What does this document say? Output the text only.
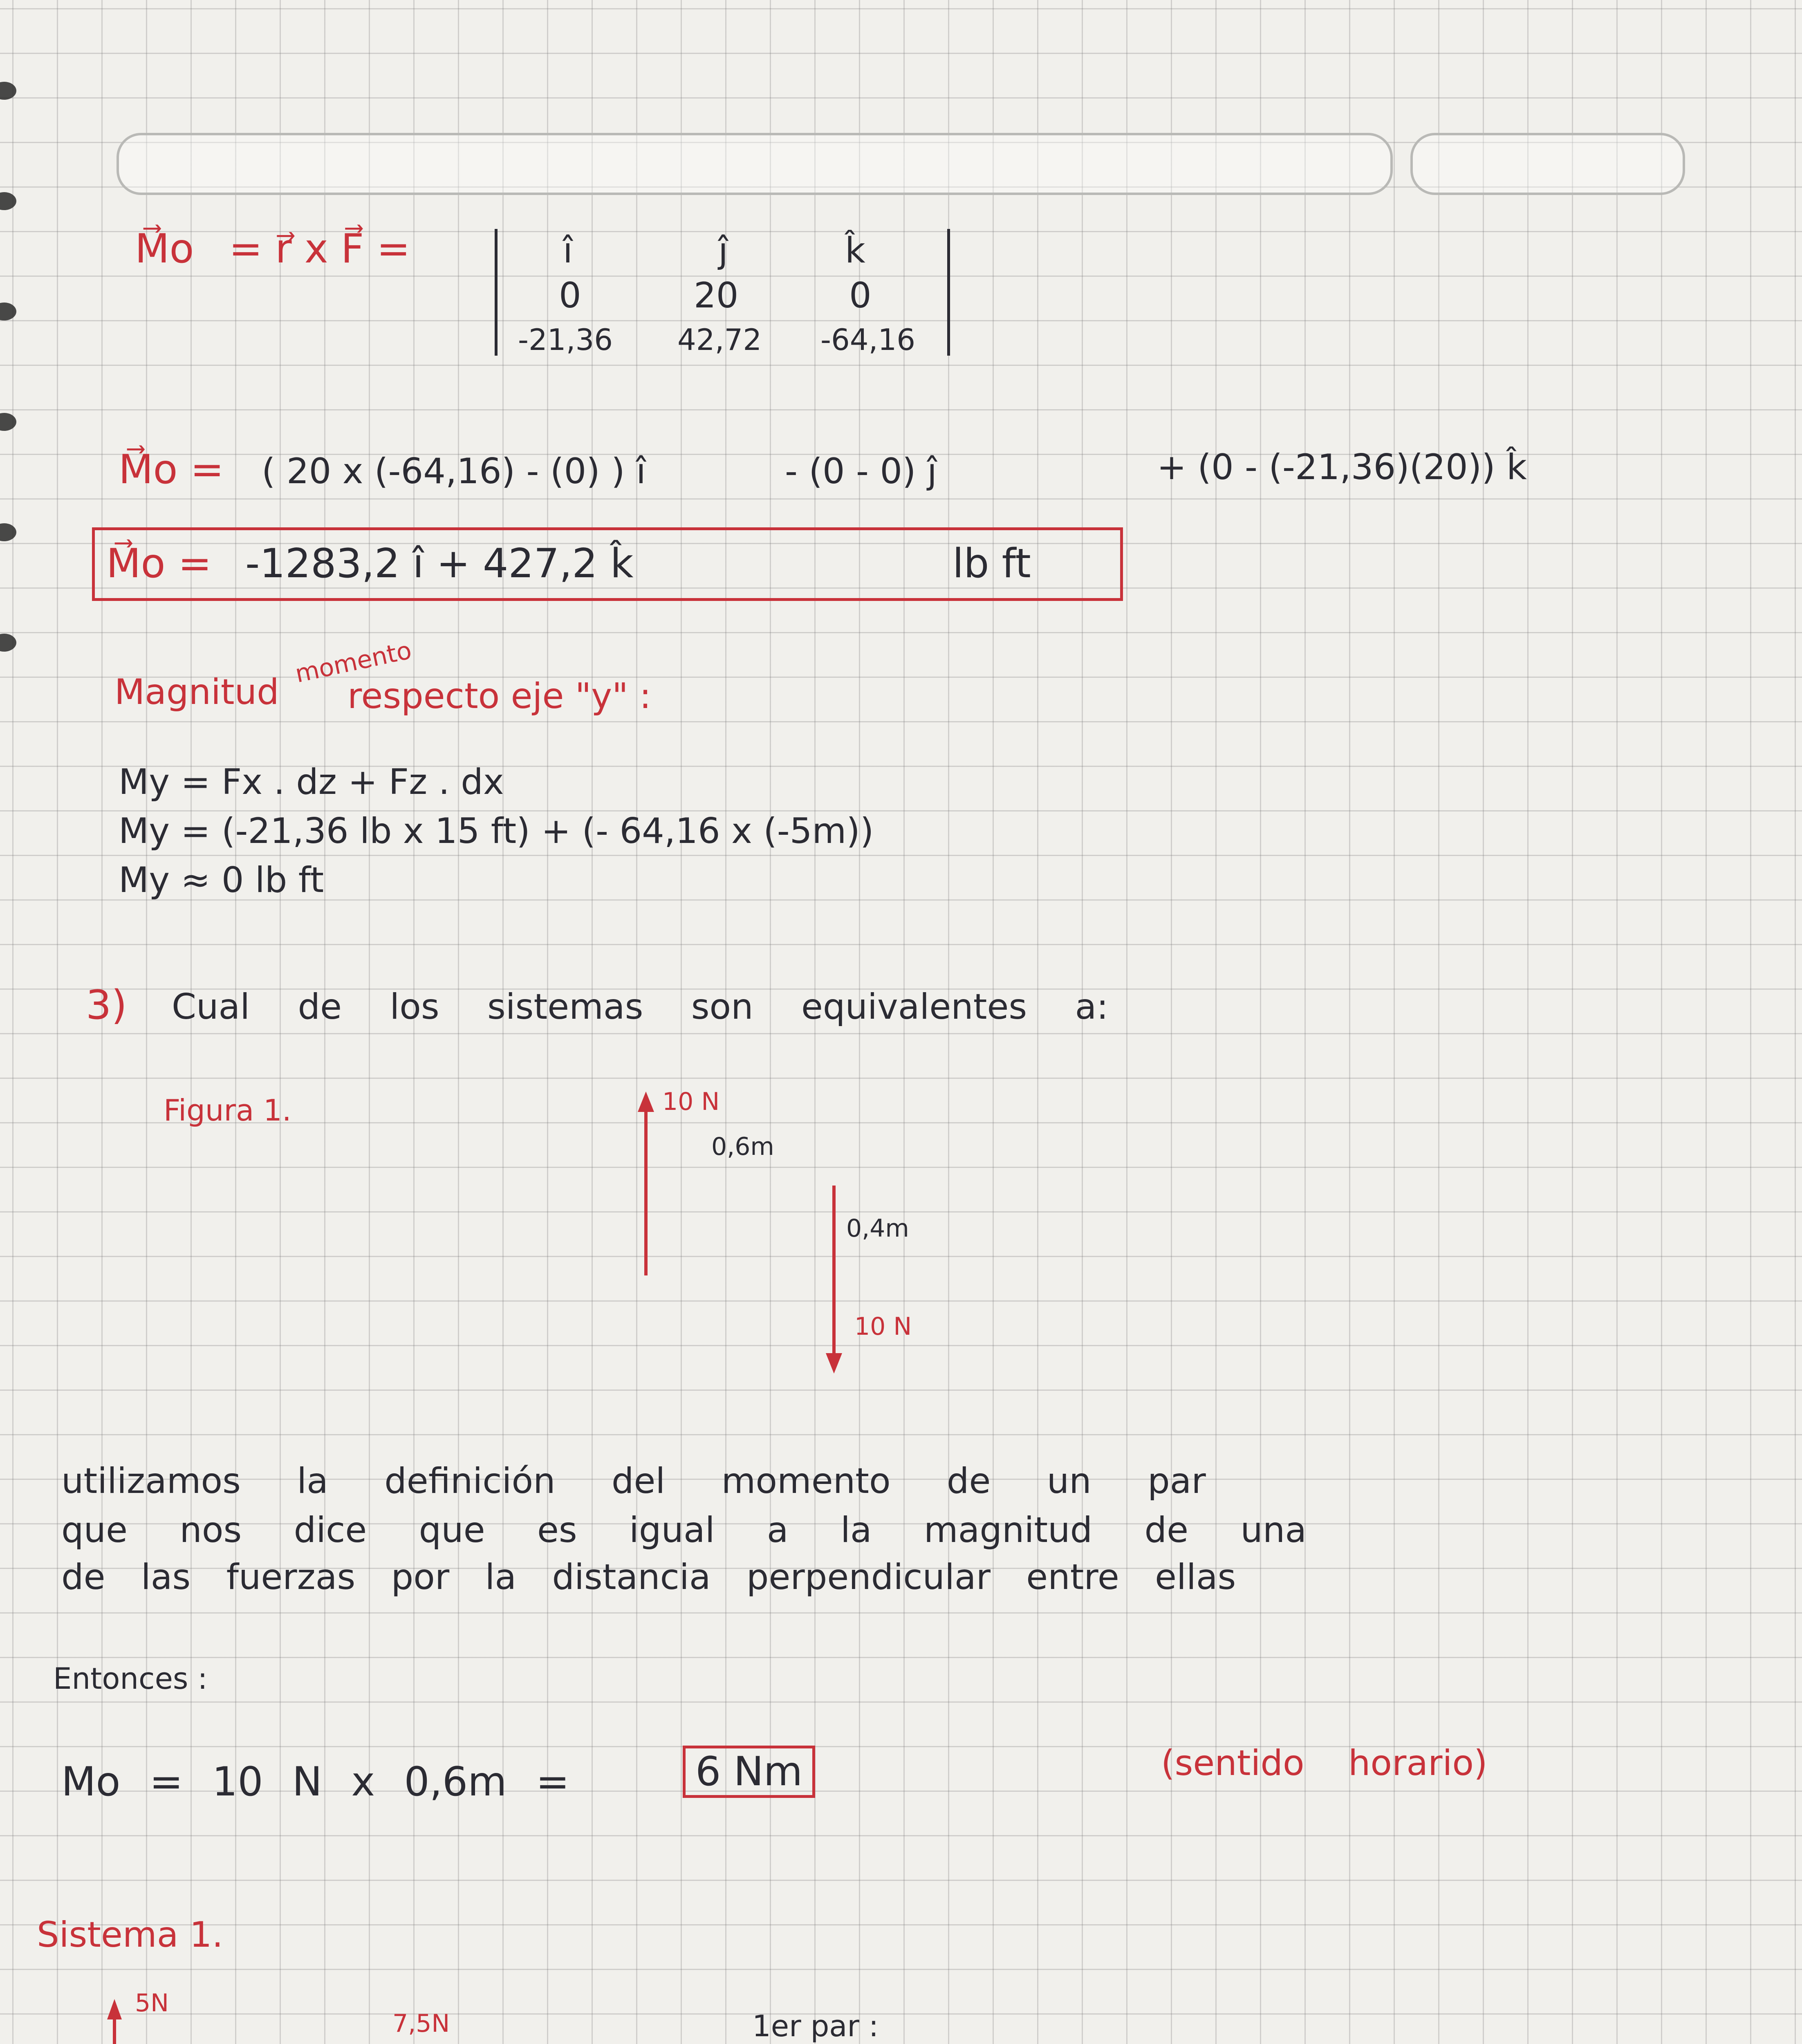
M⃗o = r⃗ x F⃗ =	î	ĵ	k̂
0	20	0
-21,36 42,72 -64,16
M⃗o = ( 20 x (-64,16) - (0) ) î	- (0 - 0) ĵ	+ (0 - (-21,36)(20)) k̂
M⃗o = -1283,2 î + 427,2 k̂	lb ft
Magnitud
momento
respecto eje "y" :
My = Fx . dz + Fz . dx
My = (-21,36 lb x 15 ft) + (- 64,16 x (-5m))
My ≈ 0 lb ft
3) Cual de los sistemas son equivalentes a:
Figura 1.	10 N
0,6m
0,4m
10 N
utilizamos la definición del momento de un par
que nos dice que es igual a la magnitud de una
de las fuerzas por la distancia perpendicular entre ellas
Entonces :
Mo = 10 N x 0,6m =	6 Nm	(sentido horario)
Sistema 1.
5N
7,5N	1er par :
